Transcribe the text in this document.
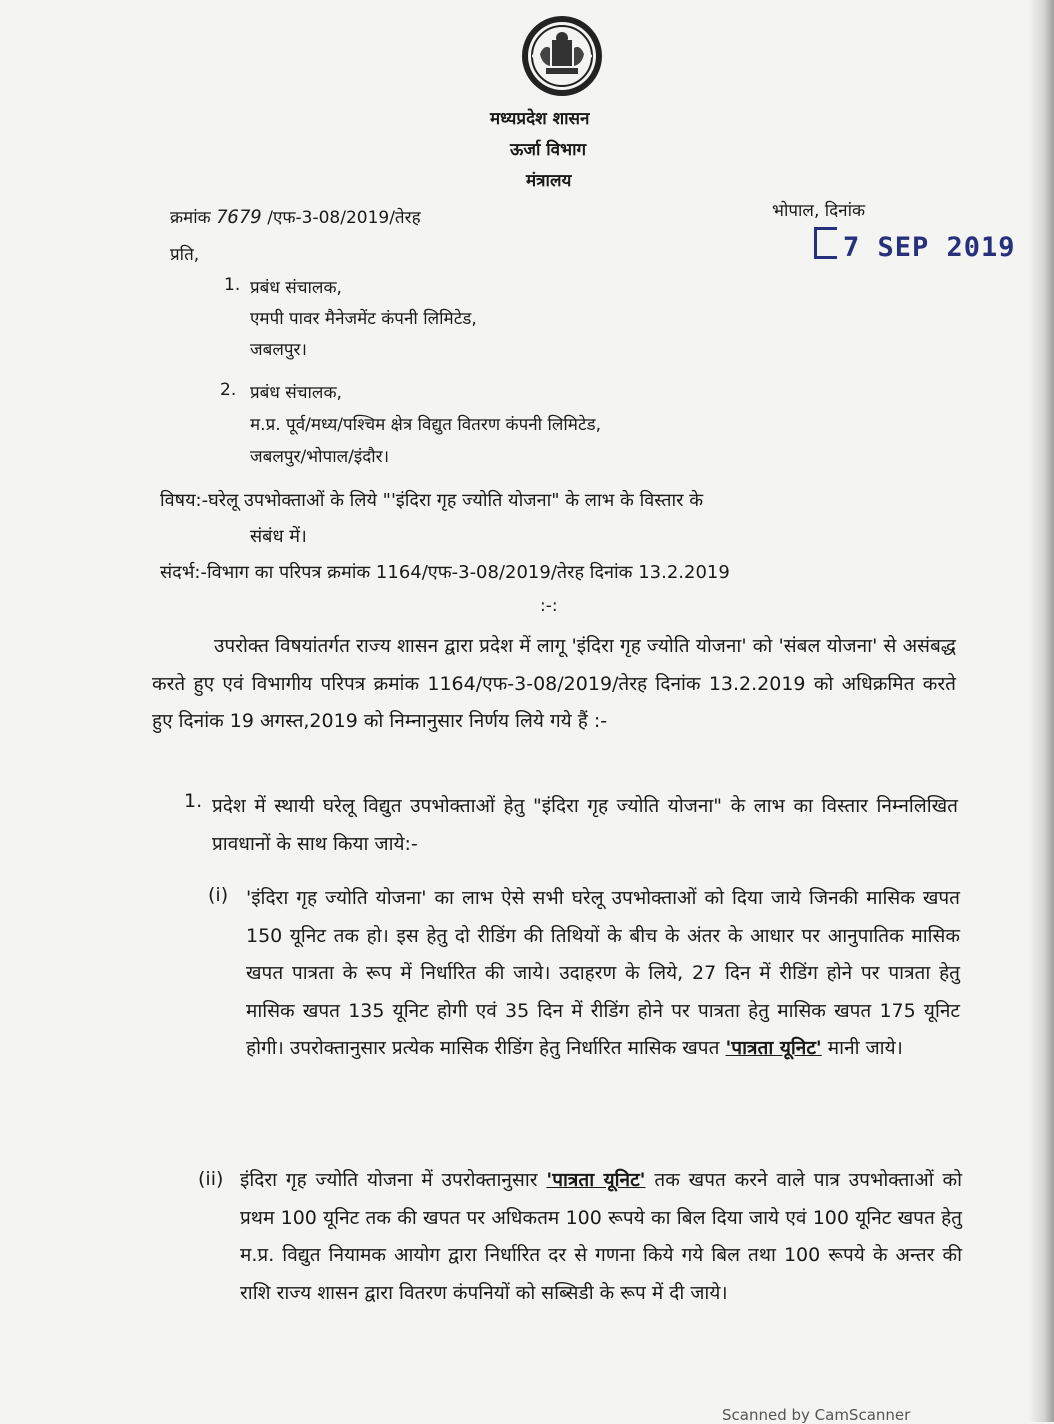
मध्यप्रदेश शासन
ऊर्जा विभाग
मंत्रालय
क्रमांक 7679 /एफ-3-08/2019/तेरह	भोपाल, दिनांक
7 SEP 2019
प्रति,
1. प्रबंध संचालक,
एमपी पावर मैनेजमेंट कंपनी लिमिटेड,
जबलपुर।
2. प्रबंध संचालक,
म.प्र. पूर्व/मध्य/पश्चिम क्षेत्र विद्युत वितरण कंपनी लिमिटेड,
जबलपुर/भोपाल/इंदौर।
विषय:-घरेलू उपभोक्ताओं के लिये "'इंदिरा गृह ज्योति योजना" के लाभ के विस्तार के
संबंध में।
संदर्भ:-विभाग का परिपत्र क्रमांक 1164/एफ-3-08/2019/तेरह दिनांक 13.2.2019
:-:
उपरोक्त विषयांतर्गत राज्य शासन द्वारा प्रदेश में लागू 'इंदिरा गृह ज्योति योजना' को 'संबल योजना' से असंबद्ध करते हुए एवं विभागीय परिपत्र क्रमांक 1164/एफ-3-08/2019/तेरह दिनांक 13.2.2019 को अधिक्रमित करते हुए दिनांक 19 अगस्त,2019 को निम्नानुसार निर्णय लिये गये हैं :-
1. प्रदेश में स्थायी घरेलू विद्युत उपभोक्ताओं हेतु "इंदिरा गृह ज्योति योजना" के लाभ का विस्तार निम्नलिखित प्रावधानों के साथ किया जाये:-
(i) 'इंदिरा गृह ज्योति योजना' का लाभ ऐसे सभी घरेलू उपभोक्ताओं को दिया जाये जिनकी मासिक खपत 150 यूनिट तक हो। इस हेतु दो रीडिंग की तिथियों के बीच के अंतर के आधार पर आनुपातिक मासिक खपत पात्रता के रूप में निर्धारित की जाये। उदाहरण के लिये, 27 दिन में रीडिंग होने पर पात्रता हेतु मासिक खपत 135 यूनिट होगी एवं 35 दिन में रीडिंग होने पर पात्रता हेतु मासिक खपत 175 यूनिट होगी। उपरोक्तानुसार प्रत्येक मासिक रीडिंग हेतु निर्धारित मासिक खपत 'पात्रता यूनिट' मानी जाये।
(ii) इंदिरा गृह ज्योति योजना में उपरोक्तानुसार 'पात्रता यूनिट' तक खपत करने वाले पात्र उपभोक्ताओं को प्रथम 100 यूनिट तक की खपत पर अधिकतम 100 रूपये का बिल दिया जाये एवं 100 यूनिट खपत हेतु म.प्र. विद्युत नियामक आयोग द्वारा निर्धारित दर से गणना किये गये बिल तथा 100 रूपये के अन्तर की राशि राज्य शासन द्वारा वितरण कंपनियों को सब्सिडी के रूप में दी जाये।
Scanned by CamScanner
